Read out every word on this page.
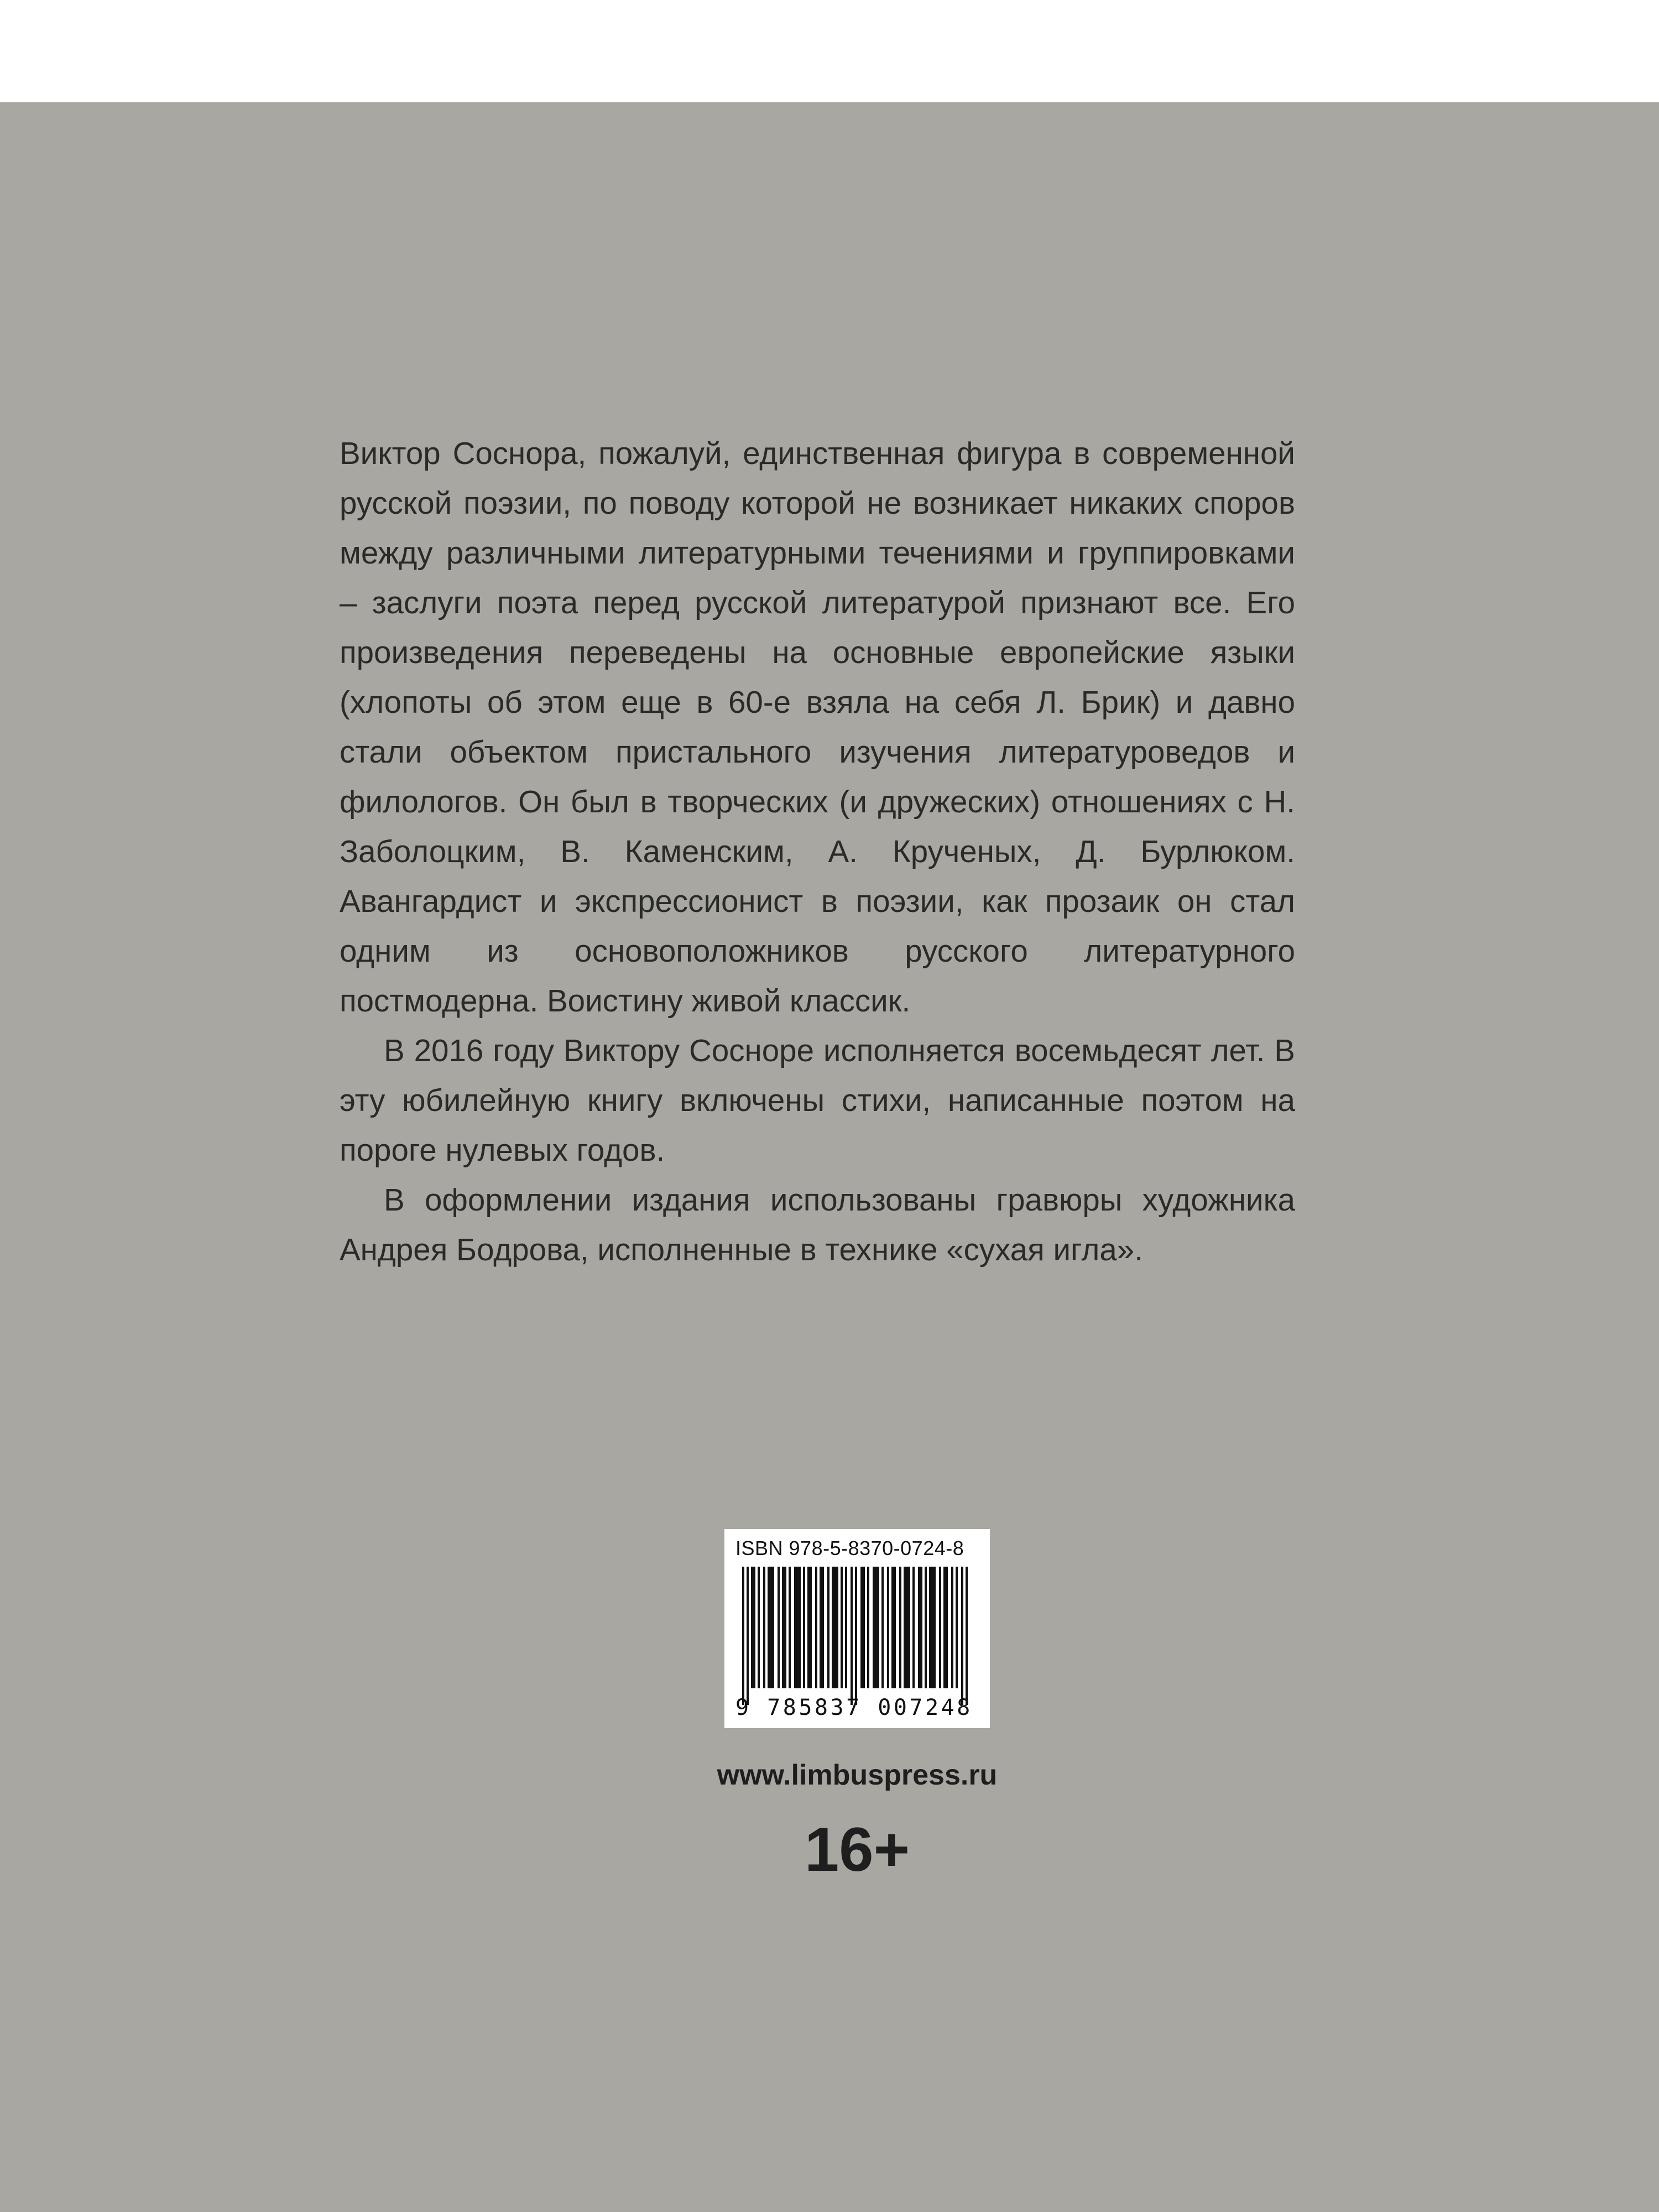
Виктор Соснора, пожалуй, единственная фигура в современной русской поэзии, по поводу которой не возникает никаких споров между различными литературными течениями и группировками – заслуги поэта перед русской литературой признают все. Его произведения переведены на основные европейские языки (хлопоты об этом еще в 60-е взяла на себя Л. Брик) и давно стали объектом пристального изучения литературоведов и филологов. Он был в творческих (и дружеских) отношениях с Н. Заболоцким, В. Каменским, А. Крученых, Д. Бурлюком. Авангардист и экспрессионист в поэзии, как прозаик он стал одним из основоположников русского литературного постмодерна. Воистину живой классик.

В 2016 году Виктору Сосноре исполняется восемьдесят лет. В эту юбилейную книгу включены стихи, написанные поэтом на пороге нулевых годов.

В оформлении издания использованы гравюры художника Андрея Бодрова, исполненные в технике «сухая игла».

ISBN 978-5-8370-0724-8
9 785837 007248
www.limbuspress.ru
16+
